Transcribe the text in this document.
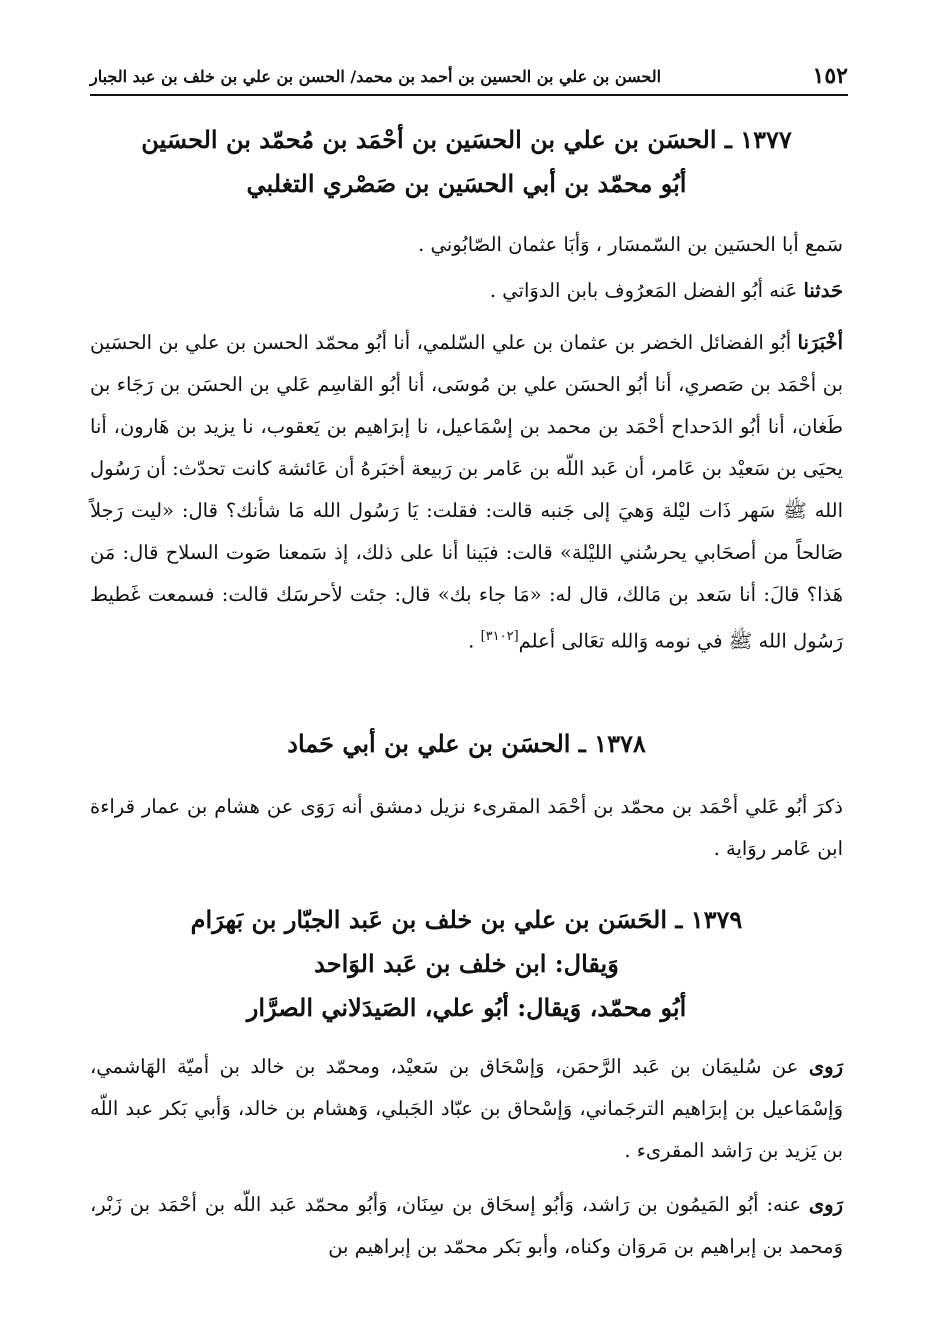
١٥٢
الحسن بن علي بن الحسين بن أحمد بن محمد/ الحسن بن علي بن خلف بن عبد الجبار

١٣٧٧ ـ الحسَن بن علي بن الحسَين بن أحْمَد بن مُحمّد بن الحسَين

أبُو محمّد بن أبي الحسَين بن صَصْري التغلبي

سَمع أبا الحسَين بن السّمسَار ، وَأبَا عثمان الصّابُوني .

حَدثنا عَنه أبُو الفضل المَعرُوف بابن الدوَاتي .

أخْبَرَنا أبُو الفضائل الخضر بن عثمان بن علي السّلمي، أنا أبُو محمّد الحسن بن علي بن الحسَين بن أحْمَد بن صَصري، أنا أبُو الحسَن علي بن مُوسَى، أنا أبُو القاسِم عَلي بن الحسَن بن رَجَاء بن طَغان، أنا أبُو الدَحداح أحْمَد بن محمد بن إسْمَاعيل، نا إبرَاهيم بن يَعقوب، نا يزيد بن هَارون، أنا يحيَى بن سَعيْد بن عَامر، أن عَبد اللّه بن عَامر بن رَبيعة أخبَرهُ أن عَائشة كانت تحدّث: أن رَسُول الله ﷺ سَهر ذَات ليْلة وَهيَ إلى جَنبه قالت: فقلت: يَا رَسُول الله مَا شأنك؟ قال: «ليت رَجلاً صَالحاً من أصحَابي يحرسُني الليْلة» قالت: فبَينا أنا على ذلك، إذ سَمعنا صَوت السلاح قال: مَن هَذا؟ قالَ: أنا سَعد بن مَالك، قال له: «مَا جاء بك» قال: جئت لأحرسَك قالت: فسمعت غَطيط رَسُول الله ﷺ في نومه وَالله تعَالى أعلم[٣١٠٢] .

١٣٧٨ ـ الحسَن بن علي بن أبي حَماد

ذكرَ أبُو عَلي أحْمَد بن محمّد بن أحْمَد المقرىء نزيل دمشق أنه رَوَى عن هشام بن عمار قراءة ابن عَامر روَاية .

١٣٧٩ ـ الحَسَن بن علي بن خلف بن عَبد الجبّار بن بَهرَام

وَيقال: ابن خلف بن عَبد الوَاحد

أبُو محمّد، وَيقال: أبُو علي، الصَيدَلاني الصرَّار

رَوى عن سُليمَان بن عَبد الرَّحمَن، وَإسْحَاق بن سَعيْد، ومحمّد بن خالد بن أميّة الهَاشمي، وَإسْمَاعيل بن إبرَاهيم الترجَماني، وَإسْحاق بن عبّاد الجَبلي، وَهشام بن خالد، وَأبي بَكر عبد اللّه بن يَزيد بن رَاشد المقرىء .

رَوى عنه: أبُو المَيمُون بن رَاشد، وَأبُو إسحَاق بن سِنَان، وَأبُو محمّد عَبد اللّه بن أحْمَد بن زَبْر، وَمحمد بن إبراهيم بن مَروَان وكناه، وأبو بَكر محمّد بن إبراهيم بن
